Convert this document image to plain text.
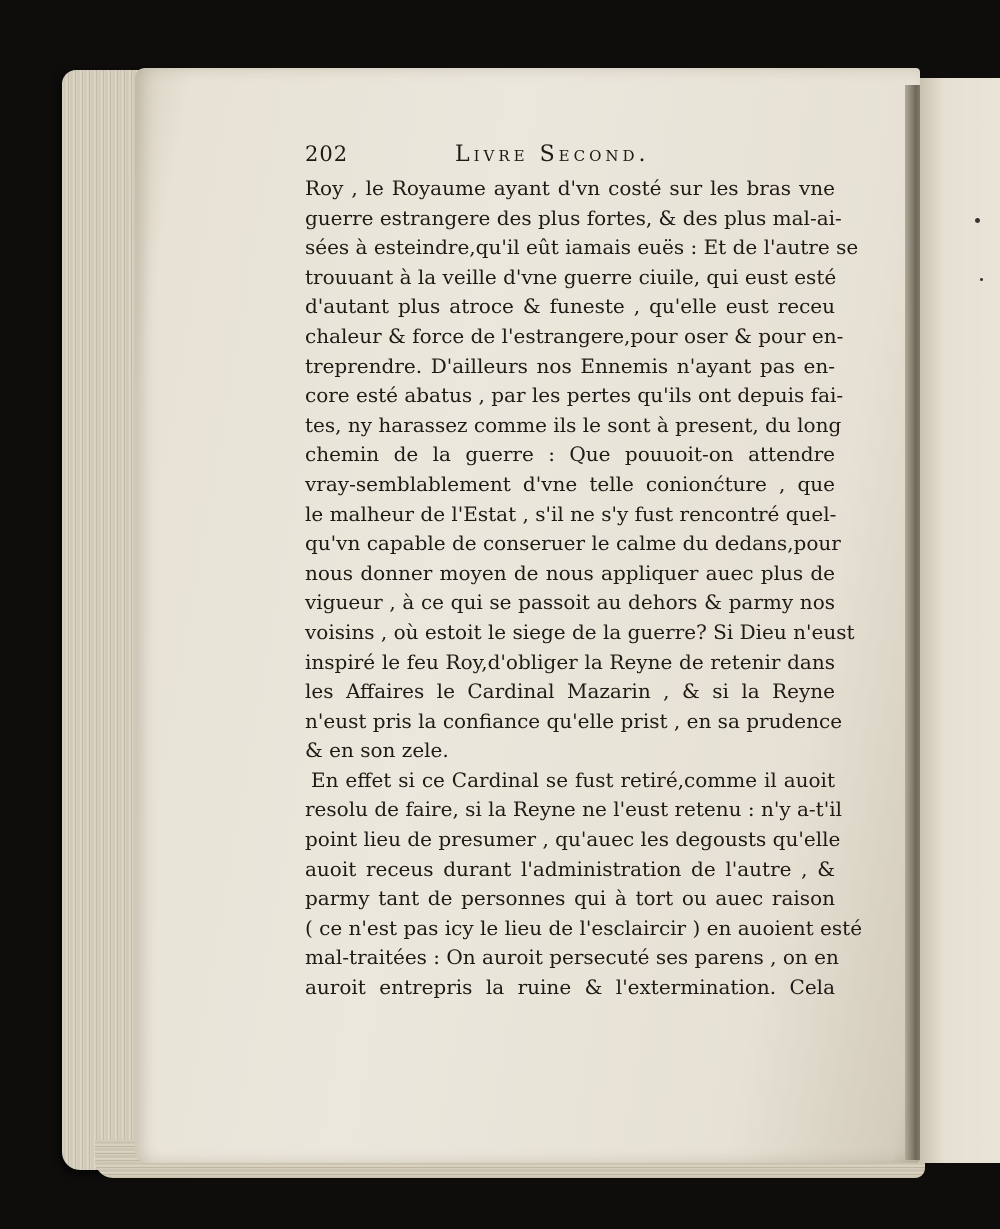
202	Livre Second.
Roy , le Royaume ayant d'vn costé sur les bras vne
guerre estrangere des plus fortes, & des plus mal-ai-
sées à esteindre,qu'il eût iamais euës : Et de l'autre se
trouuant à la veille d'vne guerre ciuile, qui eust esté
d'autant plus atroce & funeste , qu'elle eust receu
chaleur & force de l'estrangere,pour oser & pour en-
treprendre. D'ailleurs nos Ennemis n'ayant pas en-
core esté abatus , par les pertes qu'ils ont depuis fai-
tes, ny harassez comme ils le sont à present, du long
chemin de la guerre : Que pouuoit-on attendre
vray-semblablement d'vne telle conionćture , que
le malheur de l'Estat , s'il ne s'y fust rencontré quel-
qu'vn capable de conseruer le calme du dedans,pour
nous donner moyen de nous appliquer auec plus de
vigueur , à ce qui se passoit au dehors & parmy nos
voisins , où estoit le siege de la guerre? Si Dieu n'eust
inspiré le feu Roy,d'obliger la Reyne de retenir dans
les Affaires le Cardinal Mazarin , & si la Reyne
n'eust pris la confiance qu'elle prist , en sa prudence
& en son zele.
En effet si ce Cardinal se fust retiré,comme il auoit
resolu de faire, si la Reyne ne l'eust retenu : n'y a-t'il
point lieu de presumer , qu'auec les degousts qu'elle
auoit receus durant l'administration de l'autre , &
parmy tant de personnes qui à tort ou auec raison
( ce n'est pas icy le lieu de l'esclaircir ) en auoient esté
mal-traitées : On auroit persecuté ses parens , on en
auroit entrepris la ruine & l'extermination. Cela
